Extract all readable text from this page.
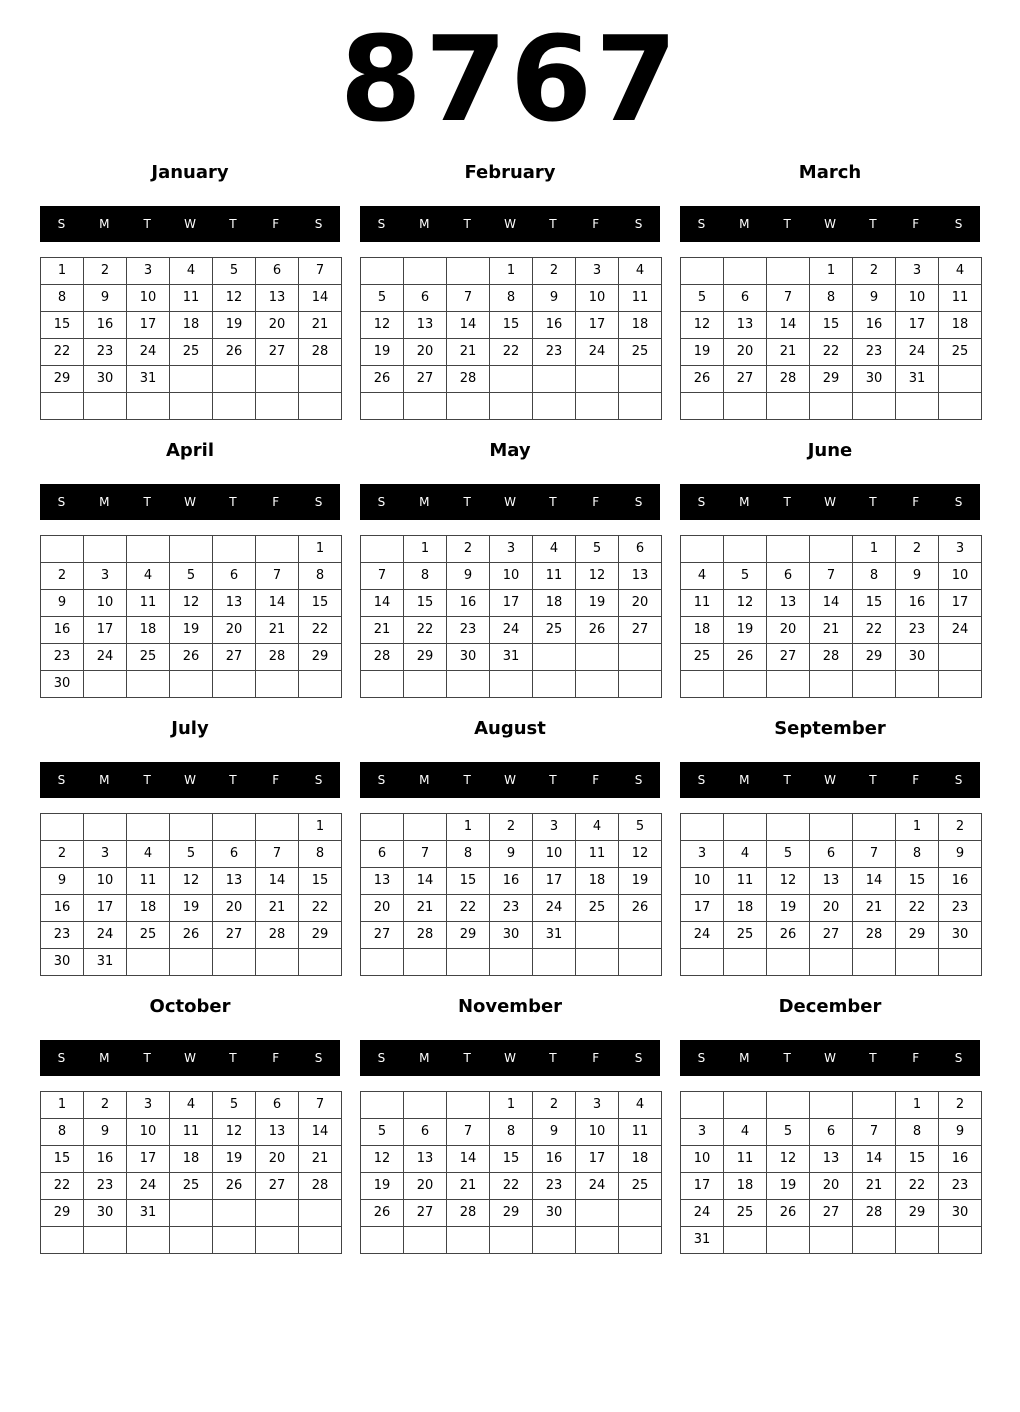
8767
January
S	M	T	W	T	F	S
1	2	3	4	5	6	7
8	9	10	11	12	13	14
15	16	17	18	19	20	21
22	23	24	25	26	27	28
29	30	31				

February
S	M	T	W	T	F	S
			1	2	3	4
5	6	7	8	9	10	11
12	13	14	15	16	17	18
19	20	21	22	23	24	25
26	27	28				

March
S	M	T	W	T	F	S
			1	2	3	4
5	6	7	8	9	10	11
12	13	14	15	16	17	18
19	20	21	22	23	24	25
26	27	28	29	30	31	

April
S	M	T	W	T	F	S
						1
2	3	4	5	6	7	8
9	10	11	12	13	14	15
16	17	18	19	20	21	22
23	24	25	26	27	28	29
30						
May
S	M	T	W	T	F	S
	1	2	3	4	5	6
7	8	9	10	11	12	13
14	15	16	17	18	19	20
21	22	23	24	25	26	27
28	29	30	31			

June
S	M	T	W	T	F	S
				1	2	3
4	5	6	7	8	9	10
11	12	13	14	15	16	17
18	19	20	21	22	23	24
25	26	27	28	29	30	

July
S	M	T	W	T	F	S
						1
2	3	4	5	6	7	8
9	10	11	12	13	14	15
16	17	18	19	20	21	22
23	24	25	26	27	28	29
30	31					
August
S	M	T	W	T	F	S
		1	2	3	4	5
6	7	8	9	10	11	12
13	14	15	16	17	18	19
20	21	22	23	24	25	26
27	28	29	30	31		

September
S	M	T	W	T	F	S
					1	2
3	4	5	6	7	8	9
10	11	12	13	14	15	16
17	18	19	20	21	22	23
24	25	26	27	28	29	30

October
S	M	T	W	T	F	S
1	2	3	4	5	6	7
8	9	10	11	12	13	14
15	16	17	18	19	20	21
22	23	24	25	26	27	28
29	30	31				

November
S	M	T	W	T	F	S
			1	2	3	4
5	6	7	8	9	10	11
12	13	14	15	16	17	18
19	20	21	22	23	24	25
26	27	28	29	30		

December
S	M	T	W	T	F	S
					1	2
3	4	5	6	7	8	9
10	11	12	13	14	15	16
17	18	19	20	21	22	23
24	25	26	27	28	29	30
31						
